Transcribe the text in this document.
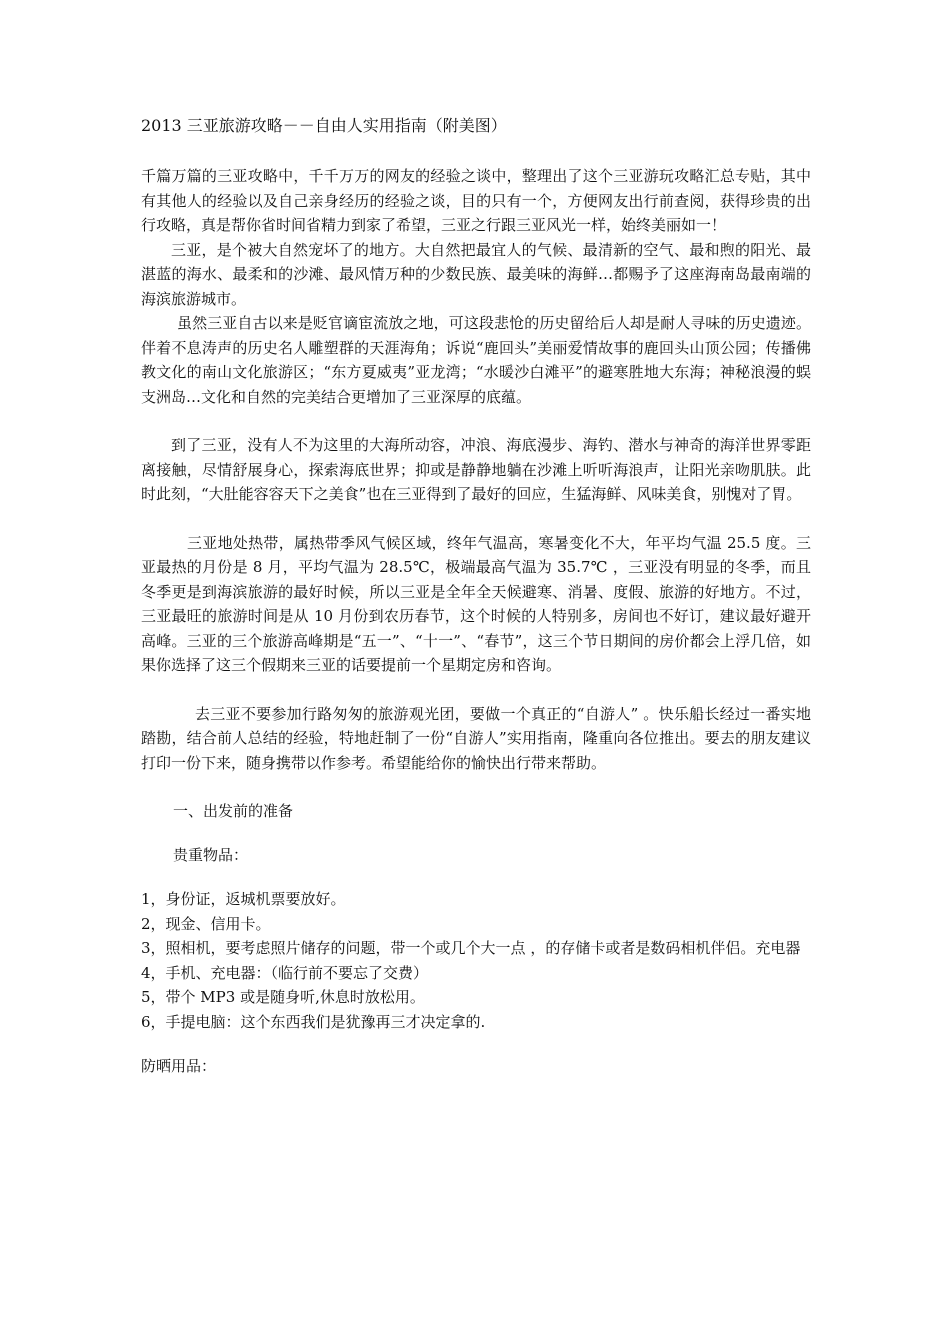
2013 三亚旅游攻略－－自由人实用指南（附美图）

千篇万篇的三亚攻略中，千千万万的网友的经验之谈中，整理出了这个三亚游玩攻略汇总专贴，其中有其他人的经验以及自己亲身经历的经验之谈，目的只有一个，方便网友出行前查阅，获得珍贵的出行攻略，真是帮你省时间省精力到家了希望，三亚之行跟三亚风光一样，始终美丽如一！

三亚，是个被大自然宠坏了的地方。大自然把最宜人的气候、最清新的空气、最和煦的阳光、最湛蓝的海水、最柔和的沙滩、最风情万种的少数民族、最美味的海鲜…都赐予了这座海南岛最南端的海滨旅游城市。

虽然三亚自古以来是贬官谪宦流放之地，可这段悲怆的历史留给后人却是耐人寻味的历史遗迹。伴着不息涛声的历史名人雕塑群的天涯海角；诉说“鹿回头”美丽爱情故事的鹿回头山顶公园；传播佛教文化的南山文化旅游区；“东方夏威夷”亚龙湾；“水暖沙白滩平”的避寒胜地大东海；神秘浪漫的蜈支洲岛…文化和自然的完美结合更增加了三亚深厚的底蕴。

到了三亚，没有人不为这里的大海所动容，冲浪、海底漫步、海钓、潜水与神奇的海洋世界零距离接触，尽情舒展身心，探索海底世界；抑或是静静地躺在沙滩上听听海浪声，让阳光亲吻肌肤。此时此刻，“大肚能容容天下之美食”也在三亚得到了最好的回应，生猛海鲜、风味美食，别愧对了胃。

三亚地处热带，属热带季风气候区域，终年气温高，寒暑变化不大，年平均气温 25.5 度。三亚最热的月份是 8 月，平均气温为 28.5℃，极端最高气温为 35.7℃ ，三亚没有明显的冬季，而且冬季更是到海滨旅游的最好时候，所以三亚是全年全天候避寒、消暑、度假、旅游的好地方。不过，三亚最旺的旅游时间是从 10 月份到农历春节，这个时候的人特别多，房间也不好订，建议最好避开高峰。三亚的三个旅游高峰期是“五一”、“十一”、“春节”，这三个节日期间的房价都会上浮几倍，如果你选择了这三个假期来三亚的话要提前一个星期定房和咨询。

去三亚不要参加行路匆匆的旅游观光团，要做一个真正的“自游人” 。快乐船长经过一番实地踏勘，结合前人总结的经验，特地赶制了一份“自游人”实用指南，隆重向各位推出。要去的朋友建议打印一份下来，随身携带以作参考。希望能给你的愉快出行带来帮助。

一、出发前的准备

贵重物品：

1，身份证，返城机票要放好。

2，现金、信用卡。

3，照相机，要考虑照片储存的问题，带一个或几个大一点 ，的存储卡或者是数码相机伴侣。充电器

4，手机、充电器：（临行前不要忘了交费）

5，带个 MP3 或是随身听,休息时放松用。

6，手提电脑：这个东西我们是犹豫再三才决定拿的.

防晒用品：
